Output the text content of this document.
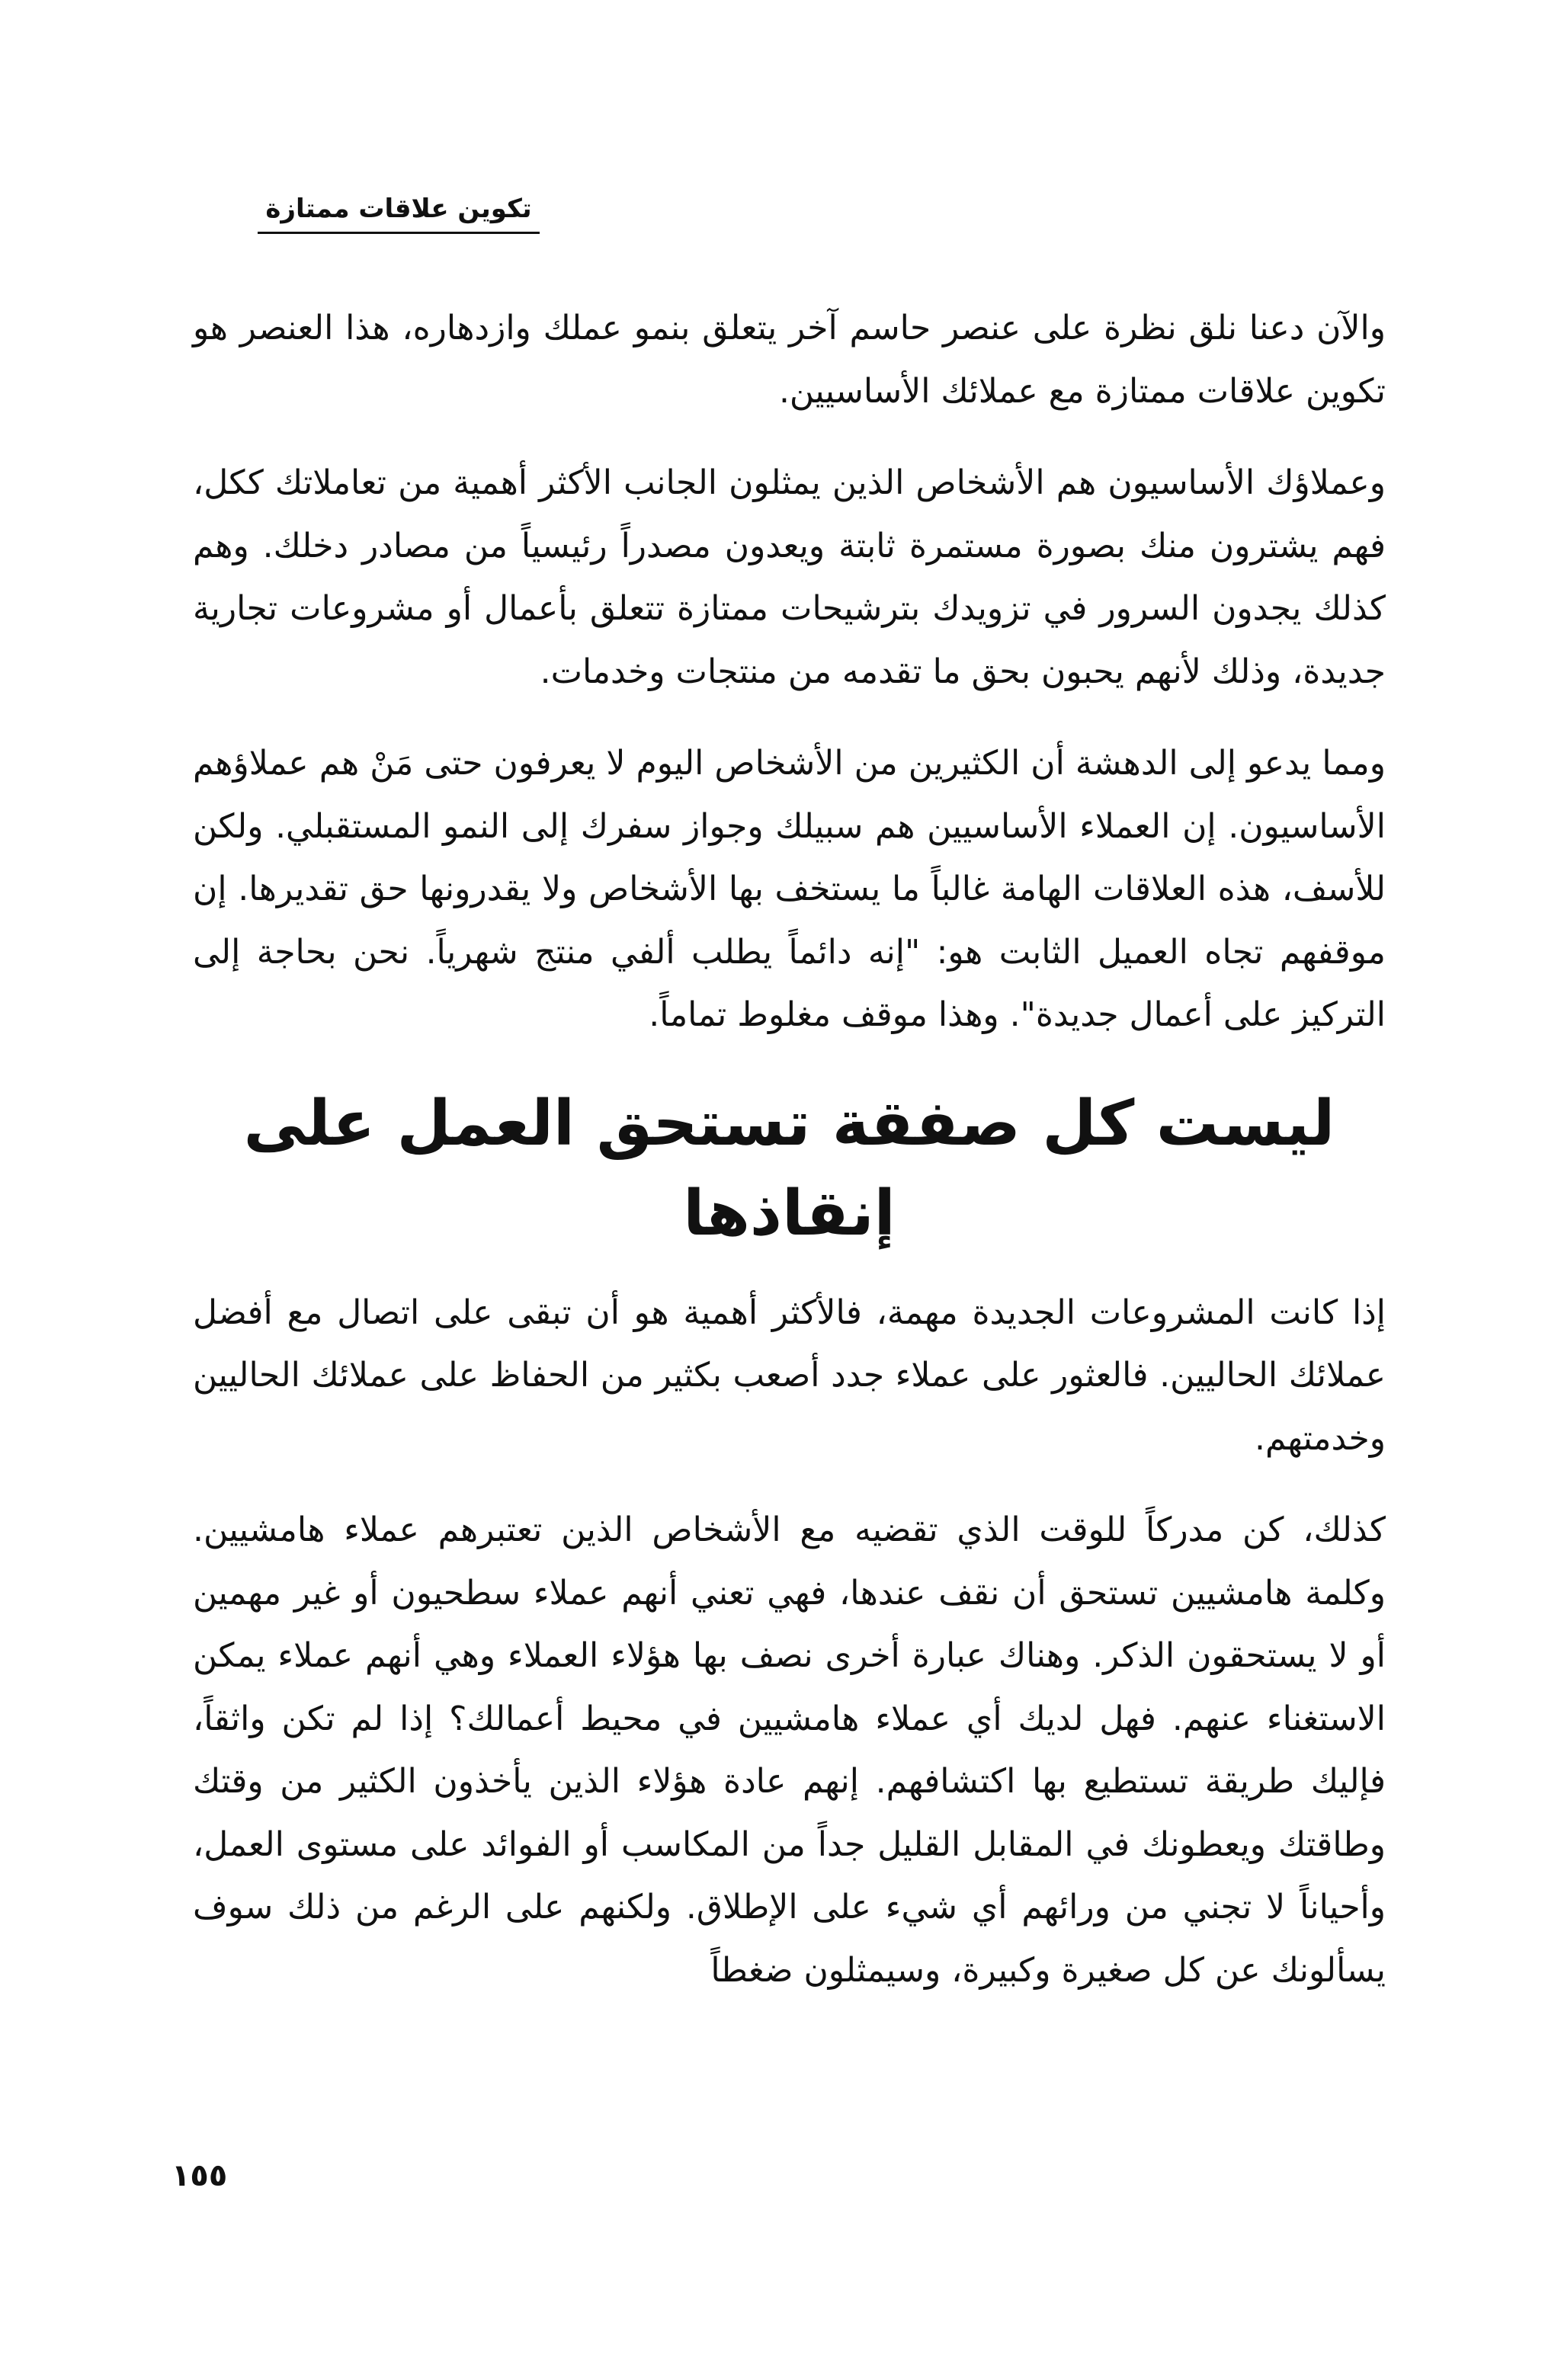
تكوين علاقات ممتازة

والآن دعنا نلق نظرة على عنصر حاسم آخر يتعلق بنمو عملك وازدهاره، هذا العنصر هو تكوين علاقات ممتازة مع عملائك الأساسيين.

وعملاؤك الأساسيون هم الأشخاص الذين يمثلون الجانب الأكثر أهمية من تعاملاتك ككل، فهم يشترون منك بصورة مستمرة ثابتة ويعدون مصدراً رئيسياً من مصادر دخلك. وهم كذلك يجدون السرور في تزويدك بترشيحات ممتازة تتعلق بأعمال أو مشروعات تجارية جديدة، وذلك لأنهم يحبون بحق ما تقدمه من منتجات وخدمات.

ومما يدعو إلى الدهشة أن الكثيرين من الأشخاص اليوم لا يعرفون حتى مَنْ هم عملاؤهم الأساسيون. إن العملاء الأساسيين هم سبيلك وجواز سفرك إلى النمو المستقبلي. ولكن للأسف، هذه العلاقات الهامة غالباً ما يستخف بها الأشخاص ولا يقدرونها حق تقديرها. إن موقفهم تجاه العميل الثابت هو: "إنه دائماً يطلب ألفي منتج شهرياً. نحن بحاجة إلى التركيز على أعمال جديدة". وهذا موقف مغلوط تماماً.

ليست كل صفقة تستحق العمل على إنقاذها

إذا كانت المشروعات الجديدة مهمة، فالأكثر أهمية هو أن تبقى على اتصال مع أفضل عملائك الحاليين. فالعثور على عملاء جدد أصعب بكثير من الحفاظ على عملائك الحاليين وخدمتهم.

كذلك، كن مدركاً للوقت الذي تقضيه مع الأشخاص الذين تعتبرهم عملاء هامشيين. وكلمة هامشيين تستحق أن نقف عندها، فهي تعني أنهم عملاء سطحيون أو غير مهمين أو لا يستحقون الذكر. وهناك عبارة أخرى نصف بها هؤلاء العملاء وهي أنهم عملاء يمكن الاستغناء عنهم. فهل لديك أي عملاء هامشيين في محيط أعمالك؟ إذا لم تكن واثقاً، فإليك طريقة تستطيع بها اكتشافهم. إنهم عادة هؤلاء الذين يأخذون الكثير من وقتك وطاقتك ويعطونك في المقابل القليل جداً من المكاسب أو الفوائد على مستوى العمل، وأحياناً لا تجني من ورائهم أي شيء على الإطلاق. ولكنهم على الرغم من ذلك سوف يسألونك عن كل صغيرة وكبيرة، وسيمثلون ضغطاً

١٥٥
